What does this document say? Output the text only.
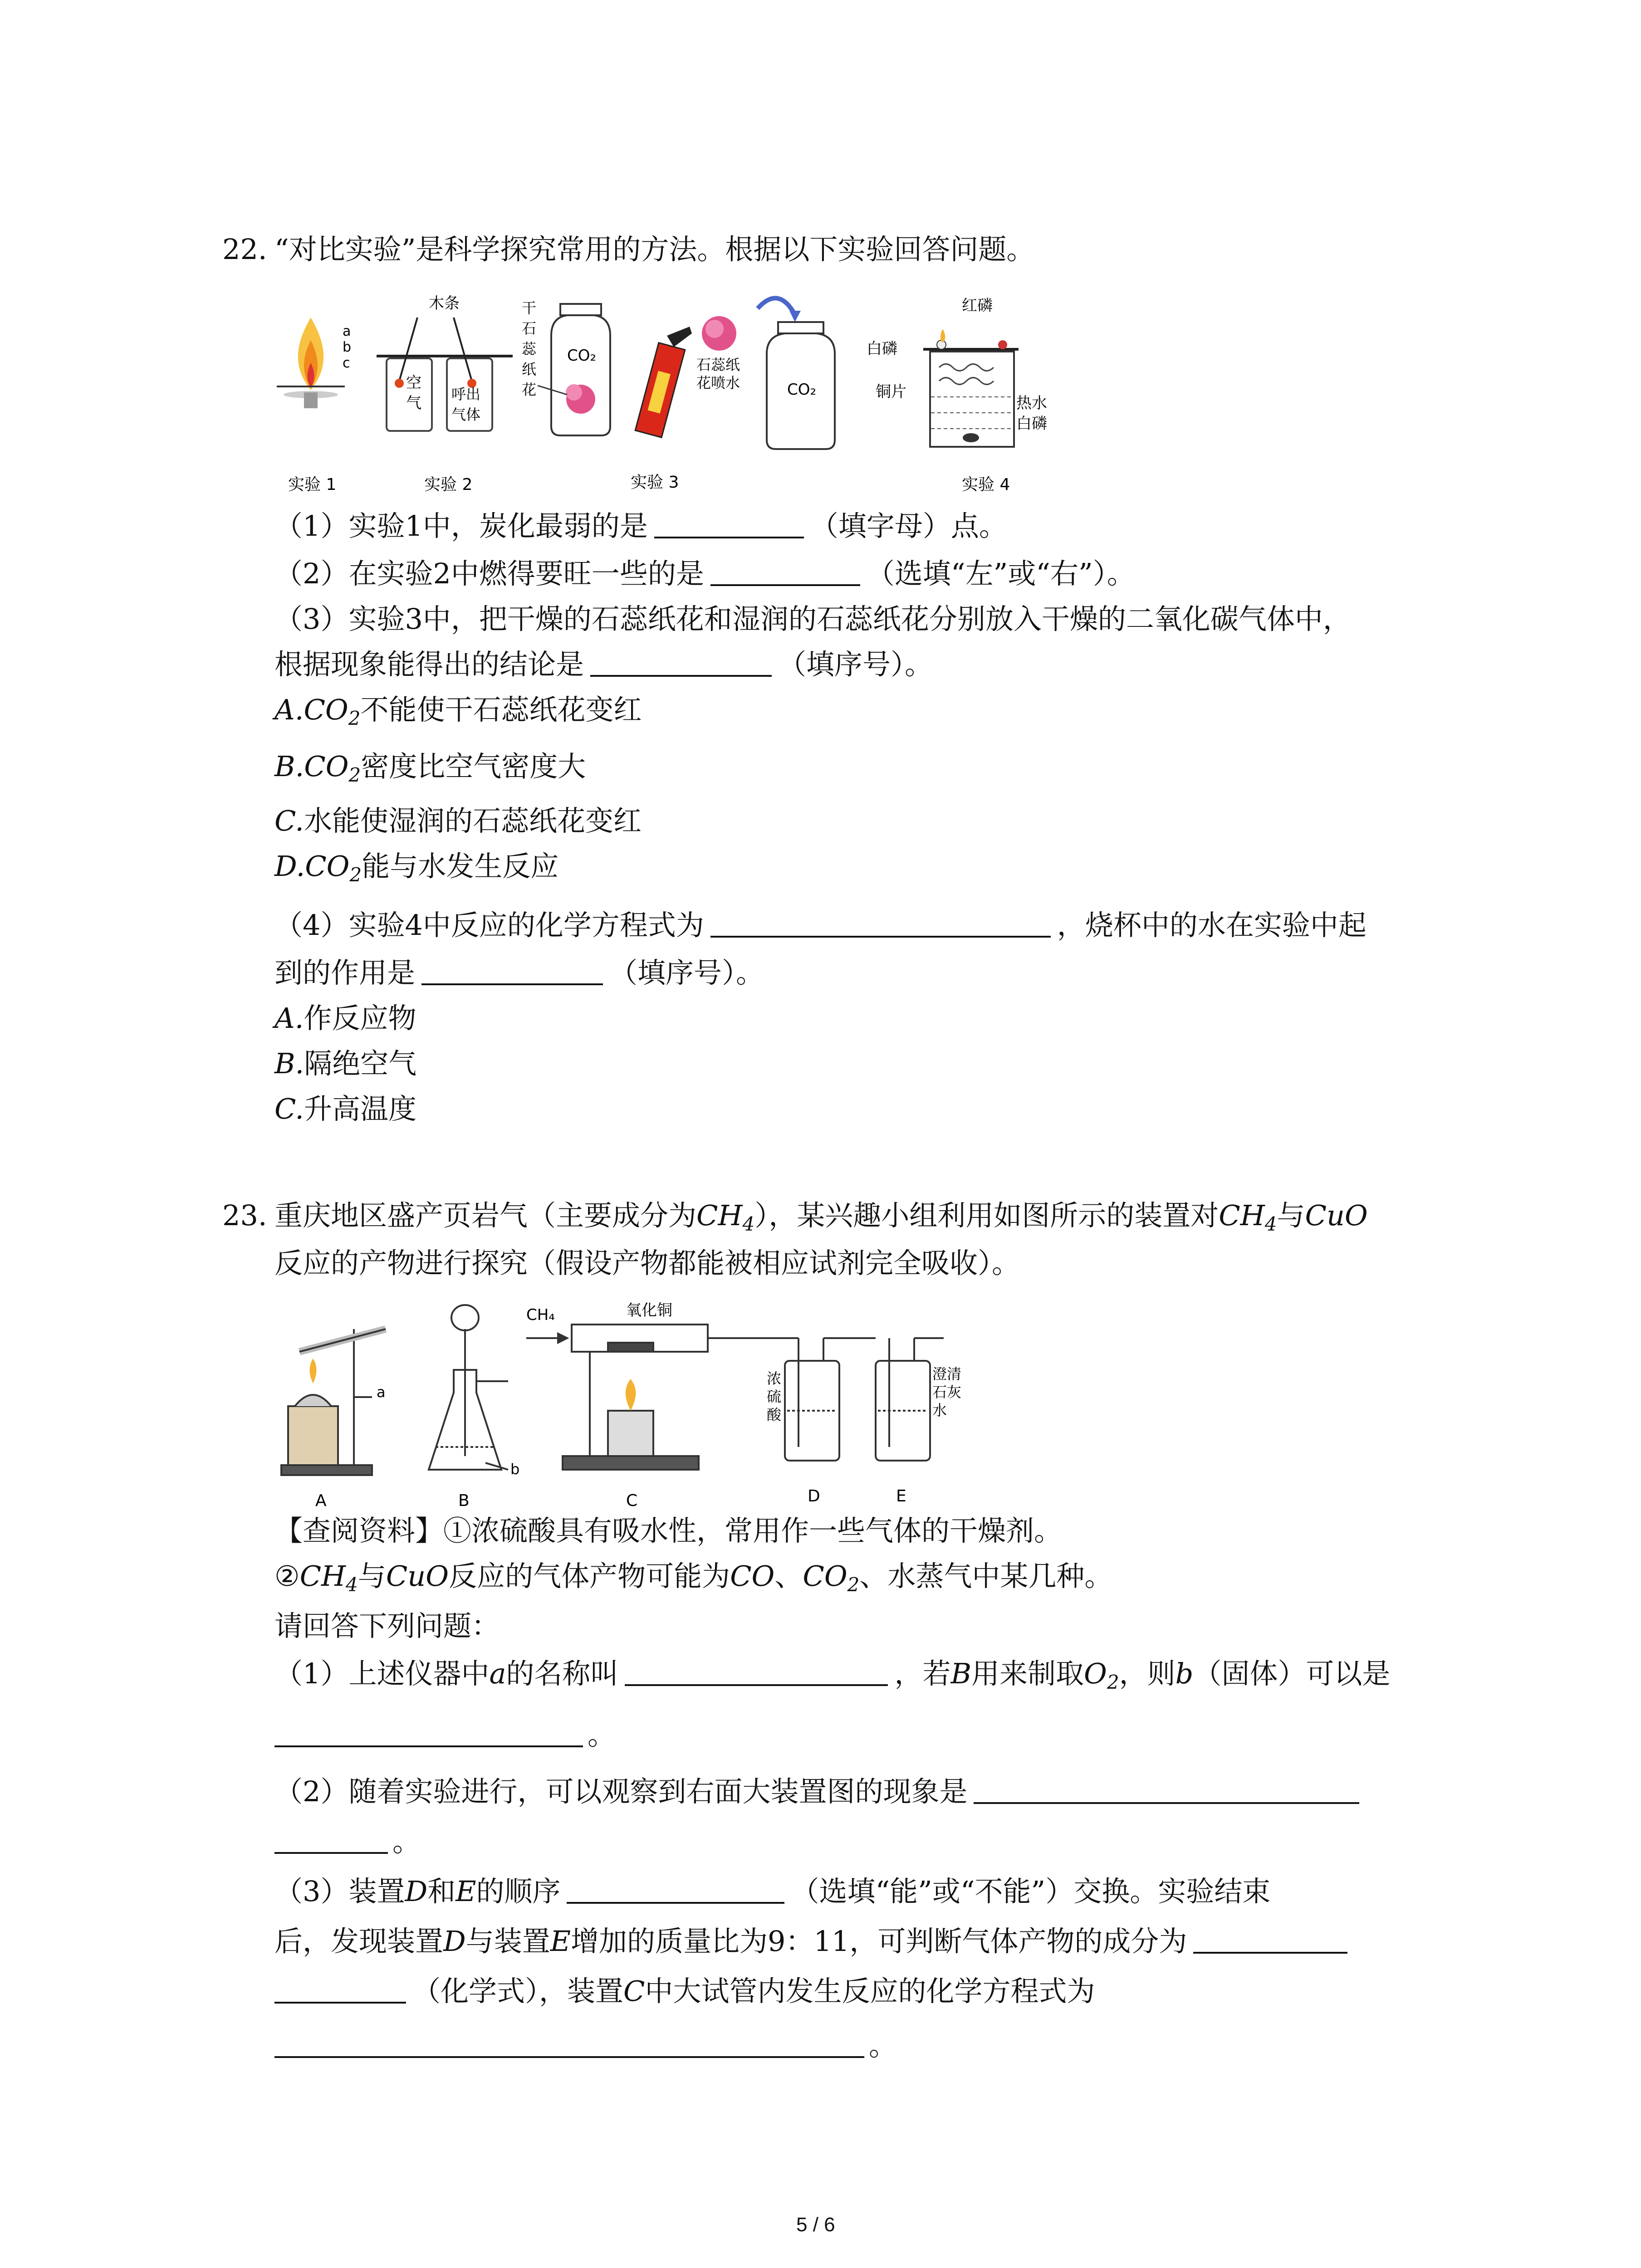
22. “对比实验”是科学探究常用的方法。根据以下实验回答问题。
a
b
c
木条
空
气 呼出
气体
实验 1	实验 2
干
石
蕊
纸
花
CO₂	石蕊纸
花喷水	CO₂
实验 3
红磷
白磷
铜片
热水
白磷
实验 4
（1）实验1中，炭化最弱的是	（填字母）点。
（2）在实验2中燃得要旺一些的是	（选填“左”或“右”）。
（3）实验3中，把干燥的石蕊纸花和湿润的石蕊纸花分别放入干燥的二氧化碳气体中，
根据现象能得出的结论是	（填序号）。
$A.CO_2$不能使干石蕊纸花变红
$B.CO_2$密度比空气密度大
C.水能使湿润的石蕊纸花变红
$D.CO_2$能与水发生反应
（4）实验4中反应的化学方程式为	，烧杯中的水在实验中起
到的作用是	（填序号）。
A.作反应物
B.隔绝空气
C.升高温度
23. 重庆地区盛产页岩气（主要成分为$CH_4$），某兴趣小组利用如图所示的装置对$CH_4$与CuO
反应的产物进行探究（假设产物都能被相应试剂完全吸收）。
a
A
b
B
CH₄	氧化铜
C
浓
硫
酸
D
澄清
石灰
水
E
【查阅资料】①浓硫酸具有吸水性，常用作一些气体的干燥剂。
$②CH_4$与CuO反应的气体产物可能为CO、$CO_2$、水蒸气中某几种。
请回答下列问题：
（1）上述仪器中a的名称叫	，若B用来制取$O_2$，则b（固体）可以是
。
（2）随着实验进行，可以观察到右面大装置图的现象是
。
（3）装置D和E的顺序	（选填“能”或“不能”）交换。实验结束
后，发现装置D与装置E增加的质量比为9：11，可判断气体产物的成分为
（化学式），装置C中大试管内发生反应的化学方程式为
。
5 / 6
